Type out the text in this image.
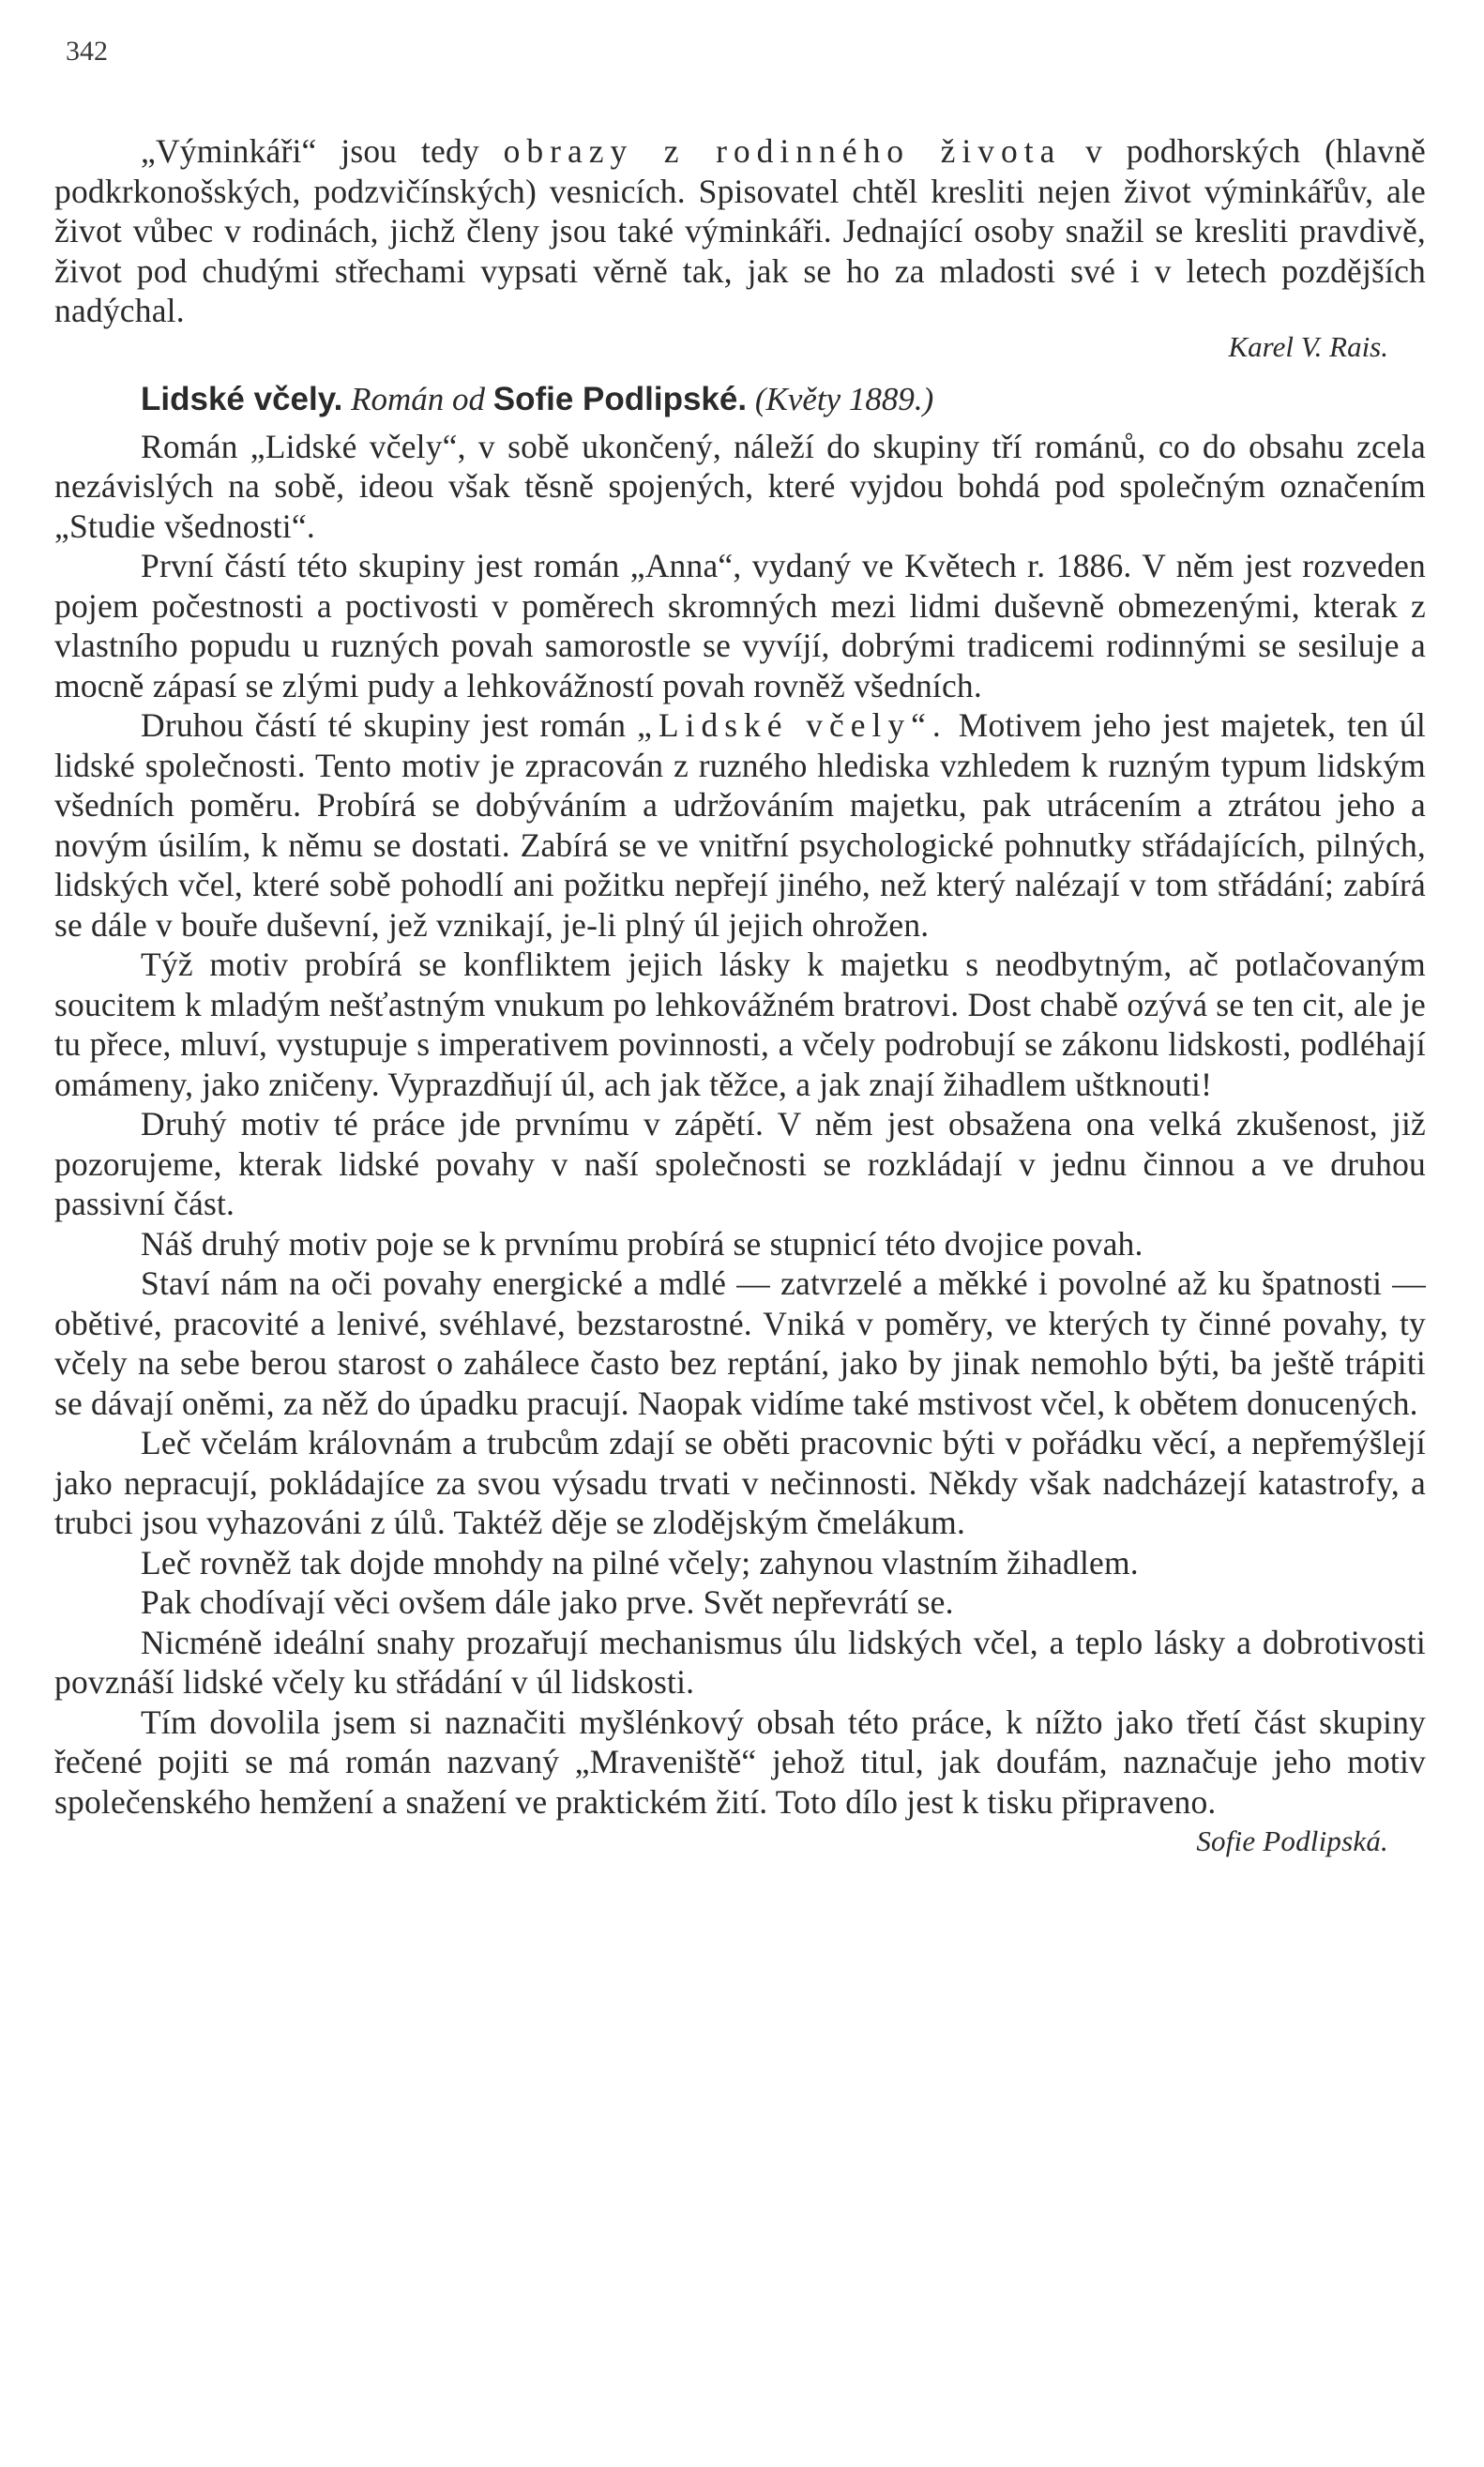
342

„Výminkáři“ jsou tedy obrazy z rodinného života v podhorských (hlavně podkrkonošských, podzvičínských) vesnicích. Spisovatel chtěl kresliti nejen život výminkářův, ale život vůbec v rodinách, jichž členy jsou také výminkáři. Jednající osoby snažil se kresliti pravdivě, život pod chudými střechami vypsati věrně tak, jak se ho za mladosti své i v letech pozdějších nadýchal.

Karel V. Rais.
Lidské včely. Román od Sofie Podlipské. (Květy 1889.)

Román „Lidské včely“, v sobě ukončený, náleží do skupiny tří románů, co do obsahu zcela nezávislých na sobě, ideou však těsně spojených, které vyjdou bohdá pod společným označením „Studie všednosti“.

První částí této skupiny jest román „Anna“, vydaný ve Květech r. 1886. V něm jest rozveden pojem počestnosti a poctivosti v poměrech skromných mezi lidmi duševně obmezenými, kterak z vlastního popudu u ruzných povah samorostle se vyvíjí, dobrými tradicemi rodinnými se sesiluje a mocně zápasí se zlými pudy a lehkovážností povah rovněž všedních.

Druhou částí té skupiny jest román „Lidské včely“. Motivem jeho jest majetek, ten úl lidské společnosti. Tento motiv je zpracován z ruzného hlediska vzhledem k ruzným typum lidským všedních poměru. Probírá se dobýváním a udržováním majetku, pak utrácením a ztrátou jeho a novým úsilím, k němu se dostati. Zabírá se ve vnitřní psychologické pohnutky střádajících, pilných, lidských včel, které sobě pohodlí ani požitku nepřejí jiného, než který nalézají v tom střádání; zabírá se dále v bouře duševní, jež vznikají, je-li plný úl jejich ohrožen.

Týž motiv probírá se konfliktem jejich lásky k majetku s neodbytným, ač potlačovaným soucitem k mladým nešťastným vnukum po lehkovážném bratrovi. Dost chabě ozývá se ten cit, ale je tu přece, mluví, vystupuje s imperativem povinnosti, a včely podrobují se zákonu lidskosti, podléhají omámeny, jako zničeny. Vyprazdňují úl, ach jak těžce, a jak znají žihadlem uštknouti!

Druhý motiv té práce jde prvnímu v zápětí. V něm jest obsažena ona velká zkušenost, již pozorujeme, kterak lidské povahy v naší společnosti se rozkládají v jednu činnou a ve druhou passivní část.

Náš druhý motiv poje se k prvnímu probírá se stupnicí této dvojice povah.

Staví nám na oči povahy energické a mdlé — zatvrzelé a měkké i povolné až ku špatnosti — obětivé, pracovité a lenivé, svéhlavé, bezstarostné. Vniká v poměry, ve kterých ty činné povahy, ty včely na sebe berou starost o zahálece často bez reptání, jako by jinak nemohlo býti, ba ještě trápiti se dávají oněmi, za něž do úpadku pracují. Naopak vidíme také mstivost včel, k obětem donucených.

Leč včelám královnám a trubcům zdají se oběti pracovnic býti v pořádku věcí, a nepřemýšlejí jako nepracují, pokládajíce za svou výsadu trvati v nečinnosti. Někdy však nadcházejí katastrofy, a trubci jsou vyhazováni z úlů. Taktéž děje se zlodějským čmelákum.

Leč rovněž tak dojde mnohdy na pilné včely; zahynou vlastním žihadlem.

Pak chodívají věci ovšem dále jako prve. Svět nepřevrátí se.

Nicméně ideální snahy prozařují mechanismus úlu lidských včel, a teplo lásky a dobrotivosti povznáší lidské včely ku střádání v úl lidskosti.

Tím dovolila jsem si naznačiti myšlénkový obsah této práce, k nížto jako třetí část skupiny řečené pojiti se má román nazvaný „Mraveniště“ jehož titul, jak doufám, naznačuje jeho motiv společenského hemžení a snažení ve praktickém žití. Toto dílo jest k tisku připraveno.
Sofie Podlipská.
